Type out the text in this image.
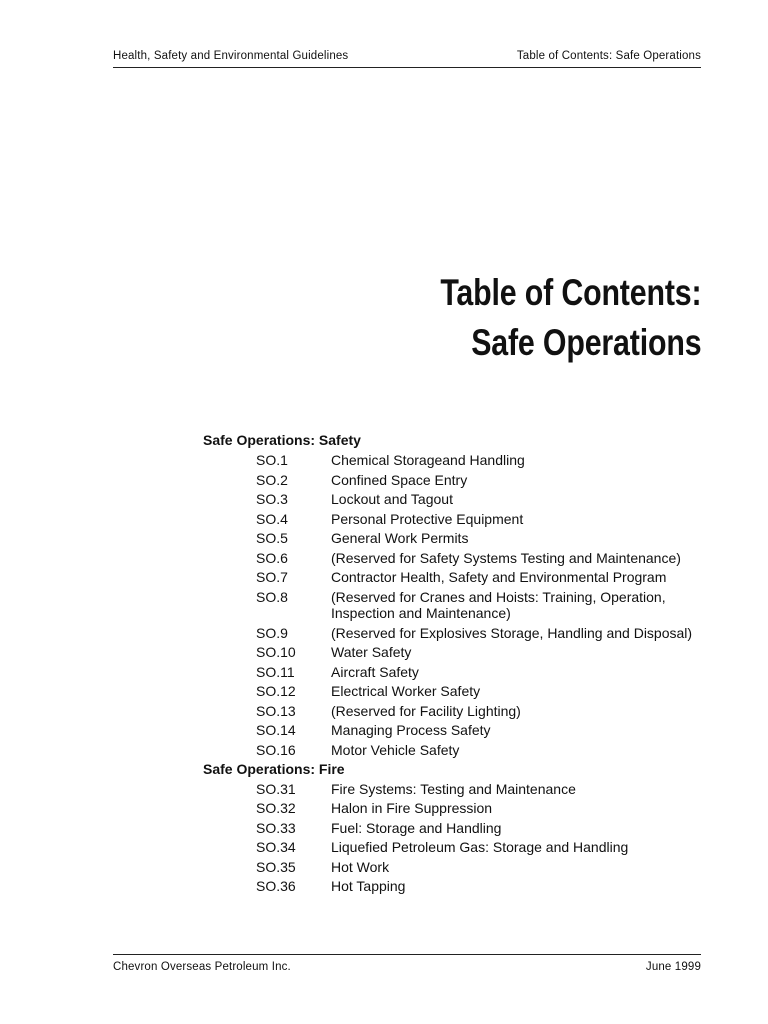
Health, Safety and Environmental Guidelines	Table of Contents: Safe Operations
Table of Contents:
Safe Operations
Safe Operations: Safety
SO.1	Chemical Storageand Handling
SO.2	Confined Space Entry
SO.3	Lockout and Tagout
SO.4	Personal Protective Equipment
SO.5	General Work Permits
SO.6	(Reserved for Safety Systems Testing and Maintenance)
SO.7	Contractor Health, Safety and Environmental Program
SO.8	(Reserved for Cranes and Hoists: Training, Operation, Inspection and Maintenance)
SO.9	(Reserved for Explosives Storage, Handling and Disposal)
SO.10	Water Safety
SO.11	Aircraft Safety
SO.12	Electrical Worker Safety
SO.13	(Reserved for Facility Lighting)
SO.14	Managing Process Safety
SO.16	Motor Vehicle Safety
Safe Operations: Fire
SO.31	Fire Systems: Testing and Maintenance
SO.32	Halon in Fire Suppression
SO.33	Fuel: Storage and Handling
SO.34	Liquefied Petroleum Gas: Storage and Handling
SO.35	Hot Work
SO.36	Hot Tapping
Chevron Overseas Petroleum Inc.	June 1999
